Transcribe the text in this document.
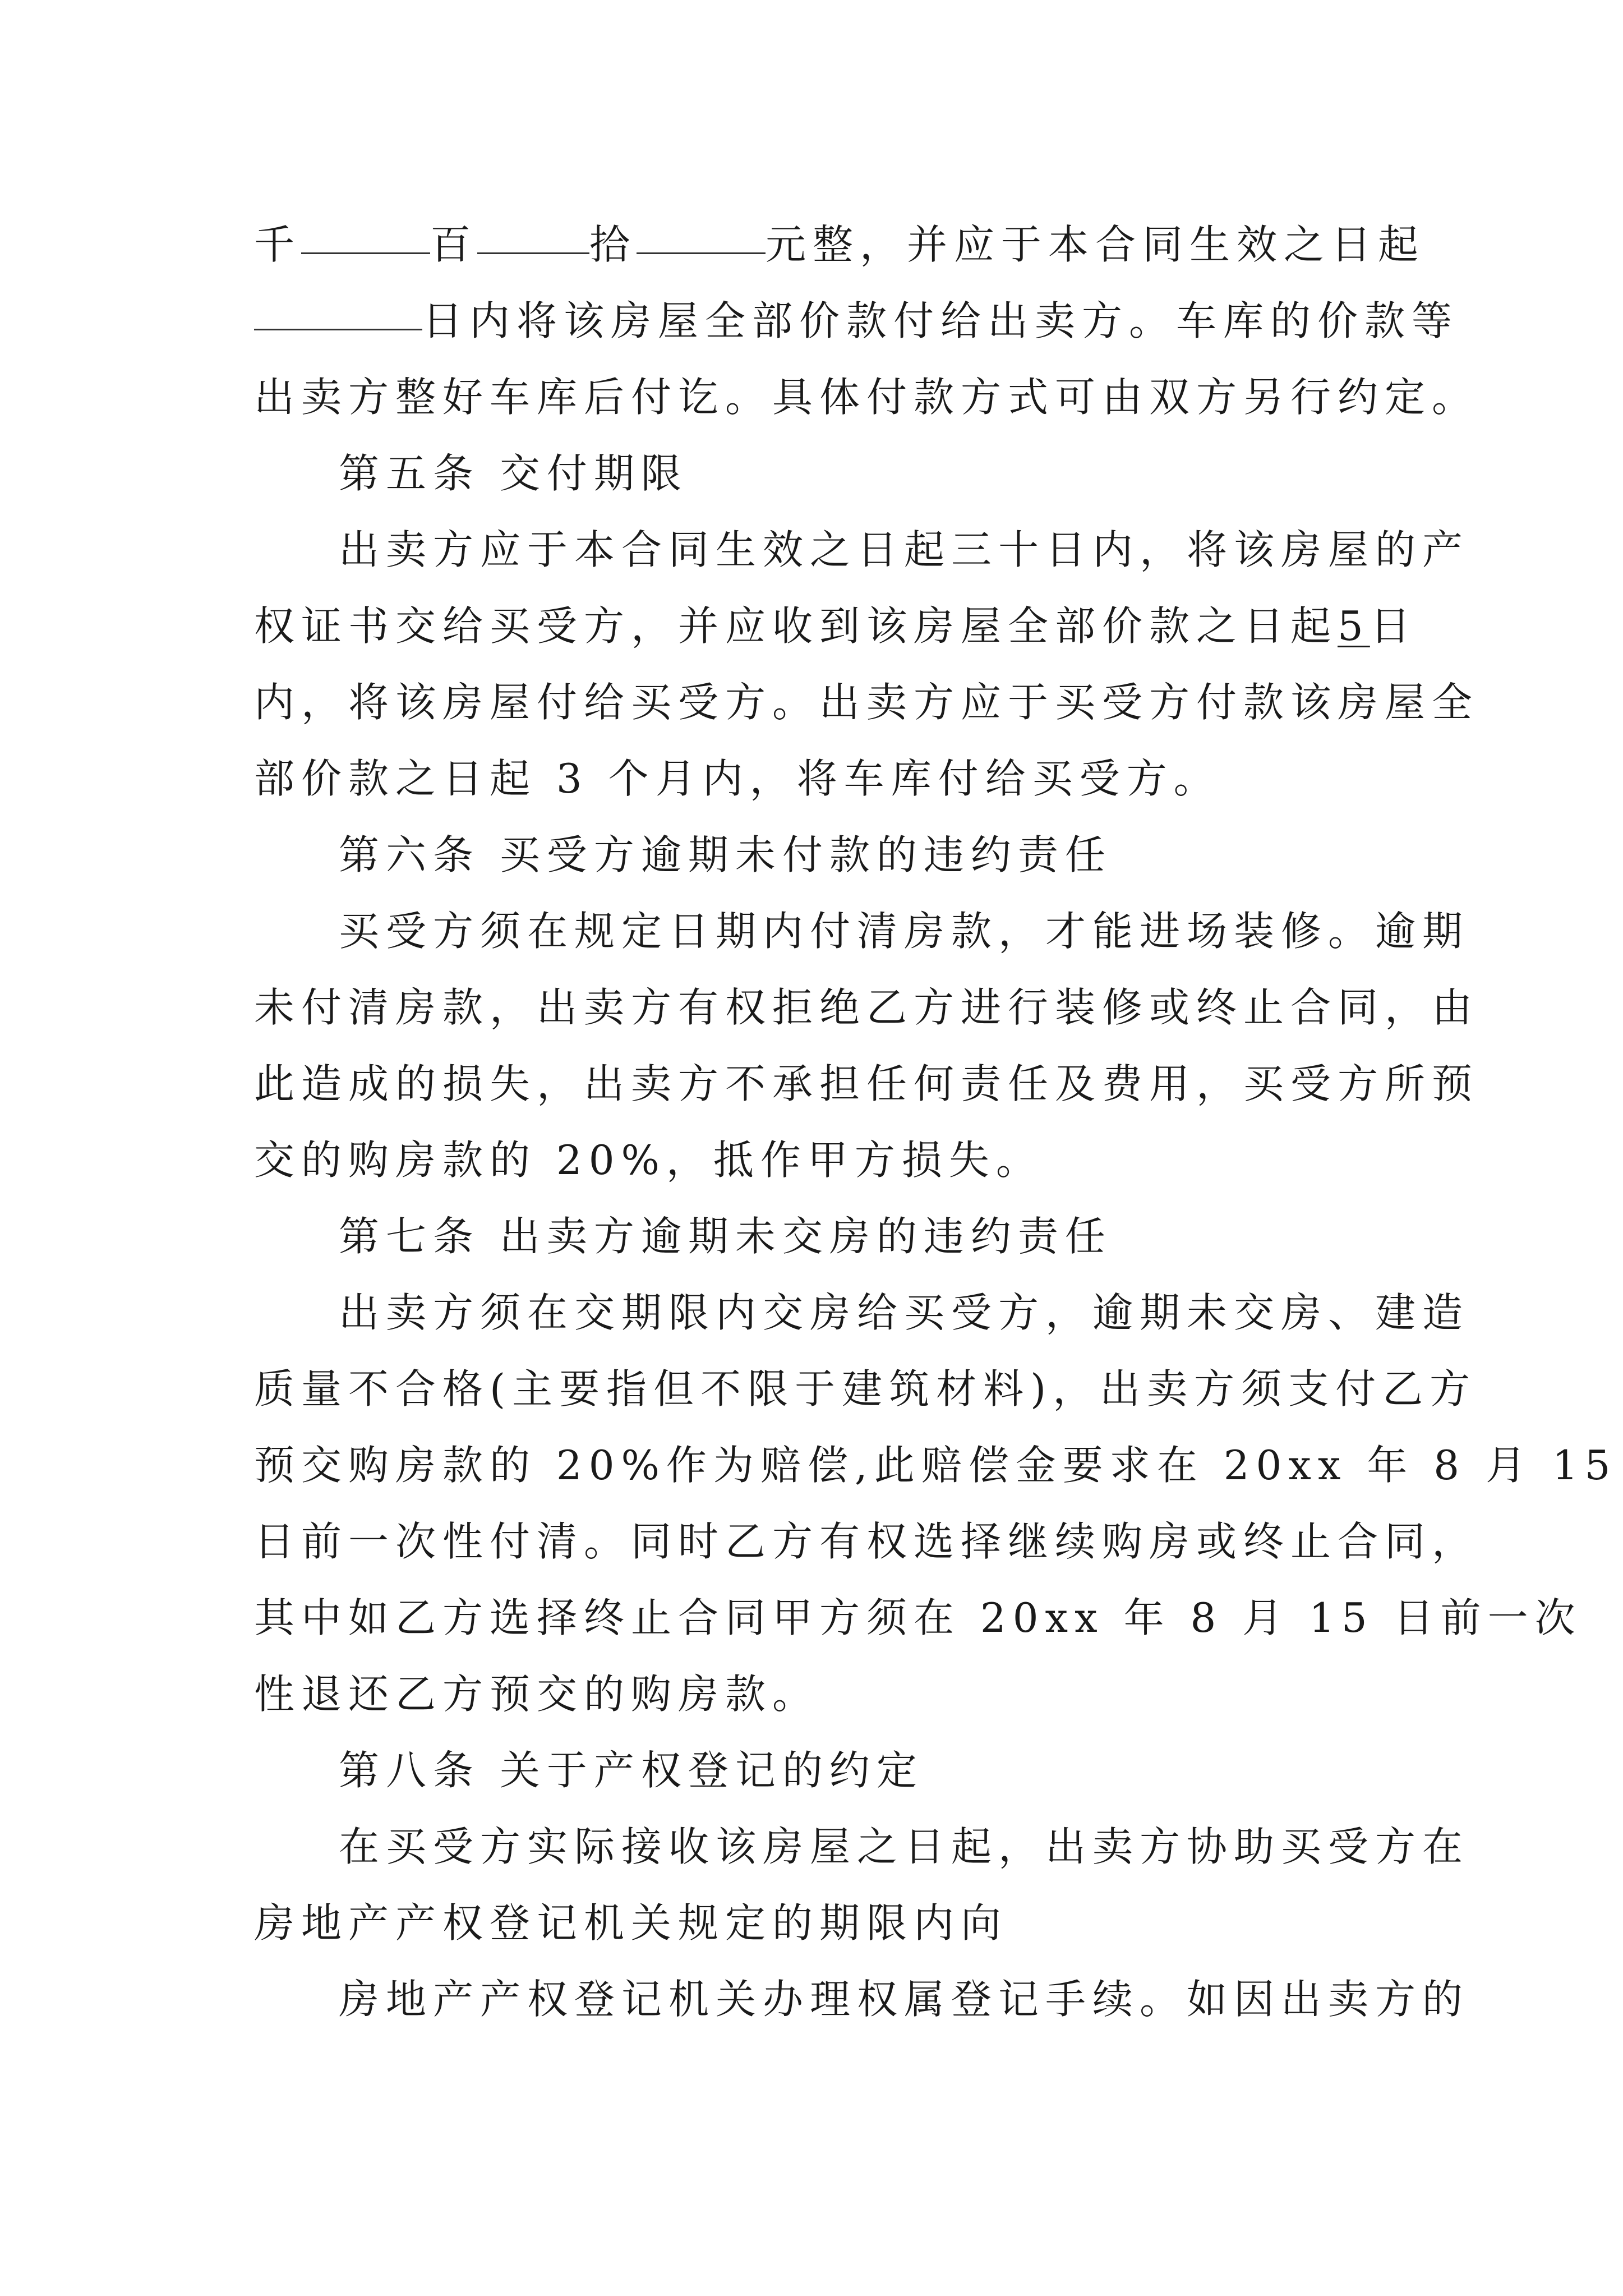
千	百	拾	元整，并应于本合同生效之日起
日内将该房屋全部价款付给出卖方。车库的价款等
出卖方整好车库后付讫。具体付款方式可由双方另行约定。
第五条 交付期限
出卖方应于本合同生效之日起三十日内，将该房屋的产
权证书交给买受方，并应收到该房屋全部价款之日起5日
内，将该房屋付给买受方。出卖方应于买受方付款该房屋全
部价款之日起 3 个月内，将车库付给买受方。
第六条 买受方逾期未付款的违约责任
买受方须在规定日期内付清房款，才能进场装修。逾期
未付清房款，出卖方有权拒绝乙方进行装修或终止合同，由
此造成的损失，出卖方不承担任何责任及费用，买受方所预
交的购房款的 20%，抵作甲方损失。
第七条 出卖方逾期未交房的违约责任
出卖方须在交期限内交房给买受方，逾期未交房、建造
质量不合格(主要指但不限于建筑材料)，出卖方须支付乙方
预交购房款的 20%作为赔偿,此赔偿金要求在 20xx 年 8 月 15
日前一次性付清。同时乙方有权选择继续购房或终止合同，
其中如乙方选择终止合同甲方须在 20xx 年 8 月 15 日前一次
性退还乙方预交的购房款。
第八条 关于产权登记的约定
在买受方实际接收该房屋之日起，出卖方协助买受方在
房地产产权登记机关规定的期限内向
房地产产权登记机关办理权属登记手续。如因出卖方的
